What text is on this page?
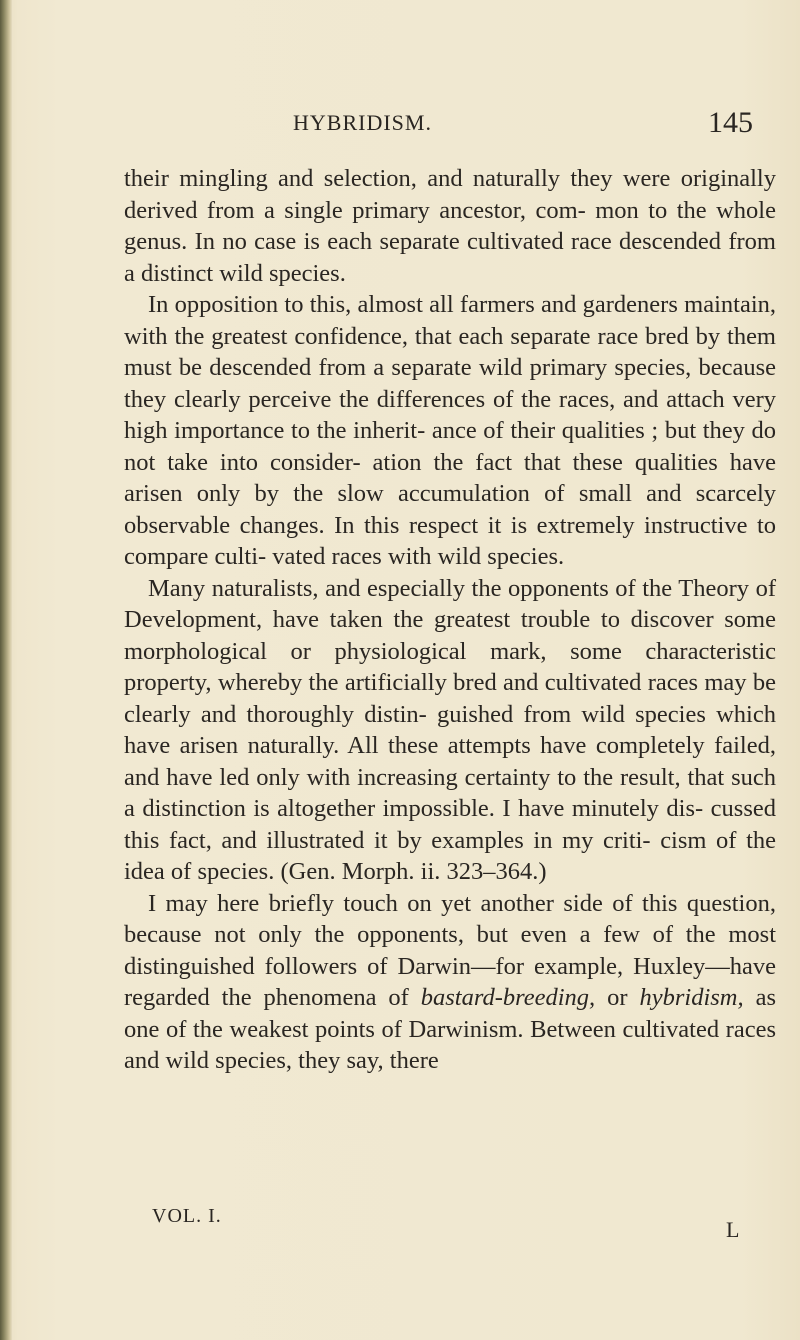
HYBRIDISM.	145

their mingling and selection, and naturally they were originally derived from a single primary ancestor, com- mon to the whole genus. In no case is each separate cultivated race descended from a distinct wild species.

In opposition to this, almost all farmers and gardeners maintain, with the greatest confidence, that each separate race bred by them must be descended from a separate wild primary species, because they clearly perceive the differences of the races, and attach very high importance to the inherit- ance of their qualities ; but they do not take into consider- ation the fact that these qualities have arisen only by the slow accumulation of small and scarcely observable changes. In this respect it is extremely instructive to compare culti- vated races with wild species.

Many naturalists, and especially the opponents of the Theory of Development, have taken the greatest trouble to discover some morphological or physiological mark, some characteristic property, whereby the artificially bred and cultivated races may be clearly and thoroughly distin- guished from wild species which have arisen naturally. All these attempts have completely failed, and have led only with increasing certainty to the result, that such a distinction is altogether impossible. I have minutely dis- cussed this fact, and illustrated it by examples in my criti- cism of the idea of species. (Gen. Morph. ii. 323–364.)

I may here briefly touch on yet another side of this question, because not only the opponents, but even a few of the most distinguished followers of Darwin—for example, Huxley—have regarded the phenomena of bastard-breeding, or hybridism, as one of the weakest points of Darwinism. Between cultivated races and wild species, they say, there

VOL. I.
L
